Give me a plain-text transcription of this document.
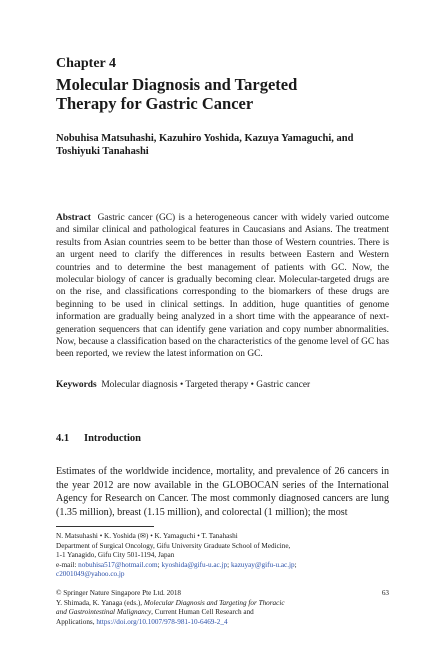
Chapter 4
Molecular Diagnosis and Targeted
Therapy for Gastric Cancer
Nobuhisa Matsuhashi, Kazuhiro Yoshida, Kazuya Yamaguchi, and
Toshiyuki Tanahashi
Abstract Gastric cancer (GC) is a heterogeneous cancer with widely varied outcome and similar clinical and pathological features in Caucasians and Asians. The treatment results from Asian countries seem to be better than those of Western countries. There is an urgent need to clarify the differences in results between Eastern and Western countries and to determine the best management of patients with GC. Now, the molecular biology of cancer is gradually becoming clear. Molecular-targeted drugs are on the rise, and classifications corresponding to the biomarkers of these drugs are beginning to be used in clinical settings. In addition, huge quantities of genome information are gradually being analyzed in a short time with the appearance of next-generation sequencers that can identify gene variation and copy number abnormalities. Now, because a classification based on the characteristics of the genome level of GC has been reported, we review the latest information on GC.
Keywords Molecular diagnosis • Targeted therapy • Gastric cancer
4.1 Introduction
Estimates of the worldwide incidence, mortality, and prevalence of 26 cancers in the year 2012 are now available in the GLOBOCAN series of the International Agency for Research on Cancer. The most commonly diagnosed cancers are lung (1.35 million), breast (1.15 million), and colorectal (1 million); the most
N. Matsuhashi • K. Yoshida (✉) • K. Yamaguchi • T. Tanahashi
Department of Surgical Oncology, Gifu University Graduate School of Medicine,
1-1 Yanagido, Gifu City 501-1194, Japan
e-mail: nobuhisa517@hotmail.com; kyoshida@gifu-u.ac.jp; kazuyay@gifu-u.ac.jp;
c2001049@yahoo.co.jp
© Springer Nature Singapore Pte Ltd. 2018
Y. Shimada, K. Yanaga (eds.), Molecular Diagnosis and Targeting for Thoracic
and Gastrointestinal Malignancy, Current Human Cell Research and
Applications, https://doi.org/10.1007/978-981-10-6469-2_4
63
